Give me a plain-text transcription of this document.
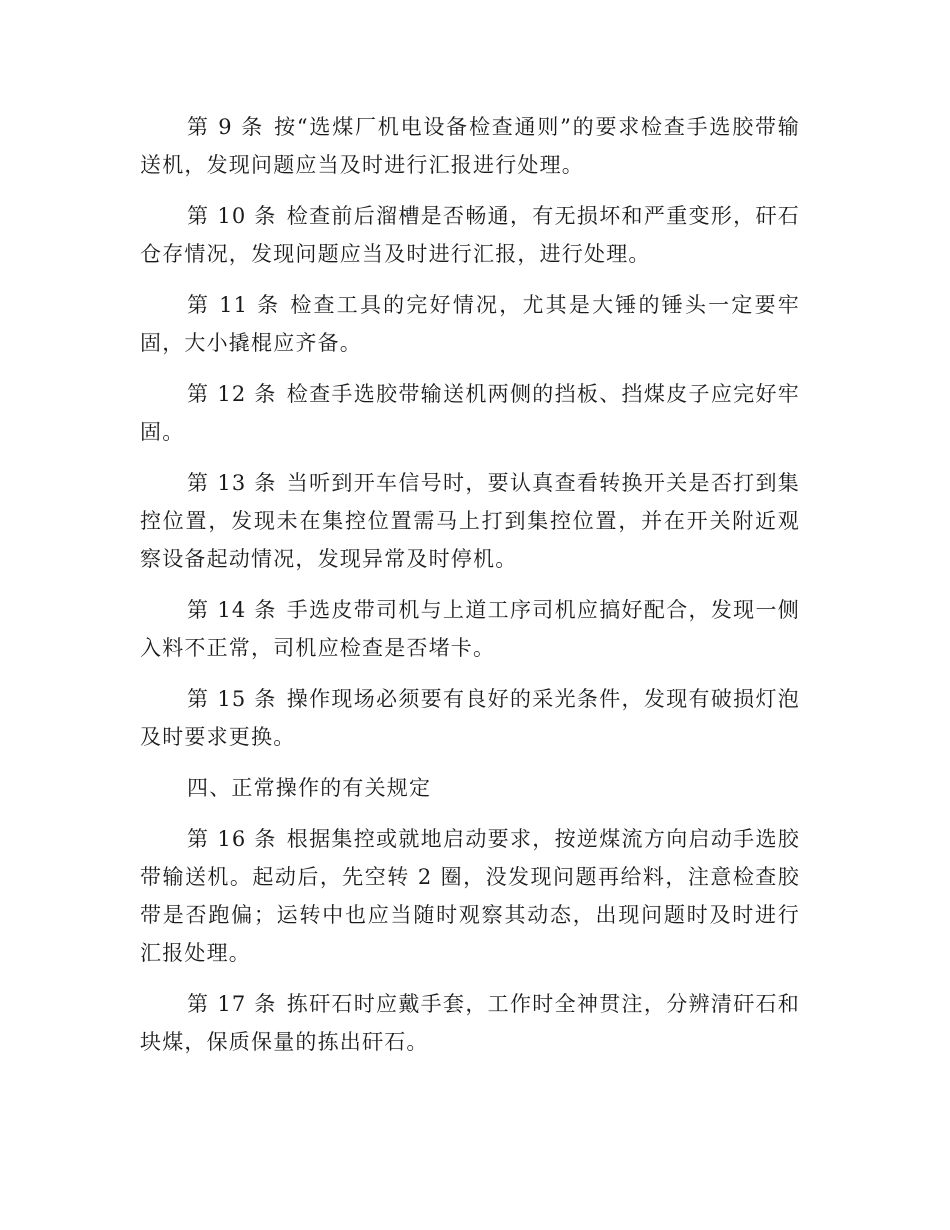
第 9 条 按“选煤厂机电设备检查通则”的要求检查手选胶带输送机，发现问题应当及时进行汇报进行处理。

第 10 条 检查前后溜槽是否畅通，有无损坏和严重变形，矸石仓存情况，发现问题应当及时进行汇报，进行处理。

第 11 条 检查工具的完好情况，尤其是大锤的锤头一定要牢固，大小撬棍应齐备。

第 12 条 检查手选胶带输送机两侧的挡板、挡煤皮子应完好牢固。

第 13 条 当听到开车信号时，要认真查看转换开关是否打到集控位置，发现未在集控位置需马上打到集控位置，并在开关附近观察设备起动情况，发现异常及时停机。

第 14 条 手选皮带司机与上道工序司机应搞好配合，发现一侧入料不正常，司机应检查是否堵卡。

第 15 条 操作现场必须要有良好的采光条件，发现有破损灯泡及时要求更换。

四、正常操作的有关规定

第 16 条 根据集控或就地启动要求，按逆煤流方向启动手选胶带输送机。起动后，先空转 2 圈，没发现问题再给料，注意检查胶带是否跑偏；运转中也应当随时观察其动态，出现问题时及时进行汇报处理。

第 17 条 拣矸石时应戴手套，工作时全神贯注，分辨清矸石和块煤，保质保量的拣出矸石。
